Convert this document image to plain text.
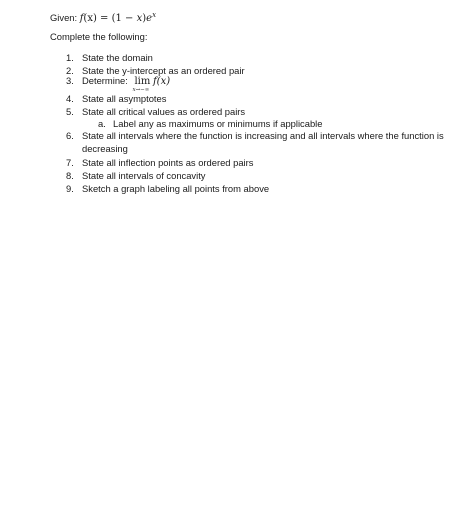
Given: $f(x) = (1 - x)e^x$
Complete the following:
1. State the domain
2. State the y-intercept as an ordered pair
3. Determine: lim
x→−∞
f(x)
4. State all asymptotes
5. State all critical values as ordered pairs
a. Label any as maximums or minimums if applicable
6. State all intervals where the function is increasing and all intervals where the function is
decreasing
7. State all inflection points as ordered pairs
8. State all intervals of concavity
9. Sketch a graph labeling all points from above
